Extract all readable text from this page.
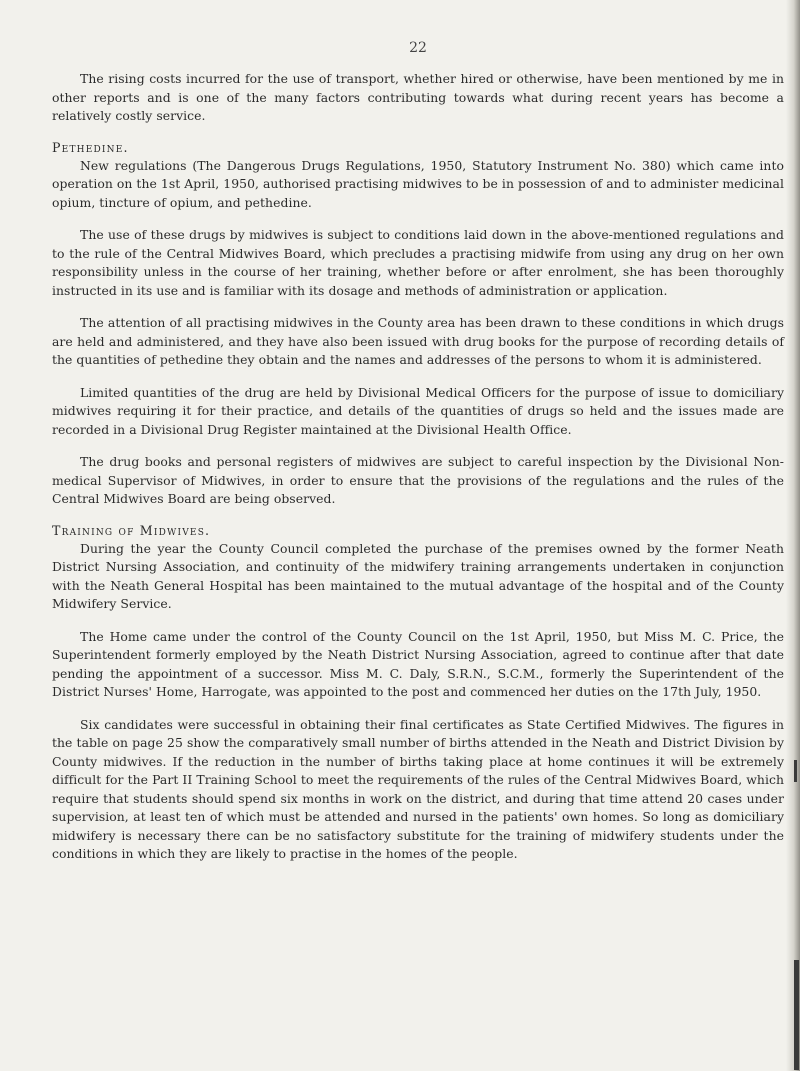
22

The rising costs incurred for the use of transport, whether hired or otherwise, have been mentioned by me in other reports and is one of the many factors contributing towards what during recent years has become a relatively costly service.

Pethedine.

New regulations (The Dangerous Drugs Regulations, 1950, Statutory Instrument No. 380) which came into operation on the 1st April, 1950, authorised practising midwives to be in possession of and to administer medicinal opium, tincture of opium, and pethedine.

The use of these drugs by midwives is subject to conditions laid down in the above-mentioned regulations and to the rule of the Central Midwives Board, which precludes a practising midwife from using any drug on her own responsibility unless in the course of her training, whether before or after enrolment, she has been thoroughly instructed in its use and is familiar with its dosage and methods of administration or application.

The attention of all practising midwives in the County area has been drawn to these conditions in which drugs are held and administered, and they have also been issued with drug books for the purpose of recording details of the quantities of pethedine they obtain and the names and addresses of the persons to whom it is administered.

Limited quantities of the drug are held by Divisional Medical Officers for the purpose of issue to domiciliary midwives requiring it for their practice, and details of the quantities of drugs so held and the issues made are recorded in a Divisional Drug Register maintained at the Divisional Health Office.

The drug books and personal registers of midwives are subject to careful inspection by the Divisional Non-medical Supervisor of Midwives, in order to ensure that the provisions of the regulations and the rules of the Central Midwives Board are being observed.

Training of Midwives.

During the year the County Council completed the purchase of the premises owned by the former Neath District Nursing Association, and continuity of the midwifery training arrangements undertaken in conjunction with the Neath General Hospital has been maintained to the mutual advantage of the hospital and of the County Midwifery Service.

The Home came under the control of the County Council on the 1st April, 1950, but Miss M. C. Price, the Superintendent formerly employed by the Neath District Nursing Association, agreed to continue after that date pending the appointment of a successor. Miss M. C. Daly, S.R.N., S.C.M., formerly the Superintendent of the District Nurses' Home, Harrogate, was appointed to the post and commenced her duties on the 17th July, 1950.

Six candidates were successful in obtaining their final certificates as State Certified Midwives. The figures in the table on page 25 show the comparatively small number of births attended in the Neath and District Division by County midwives. If the reduction in the number of births taking place at home continues it will be extremely difficult for the Part II Training School to meet the requirements of the rules of the Central Midwives Board, which require that students should spend six months in work on the district, and during that time attend 20 cases under supervision, at least ten of which must be attended and nursed in the patients' own homes. So long as domiciliary midwifery is necessary there can be no satisfactory substitute for the training of midwifery students under the conditions in which they are likely to practise in the homes of the people.
